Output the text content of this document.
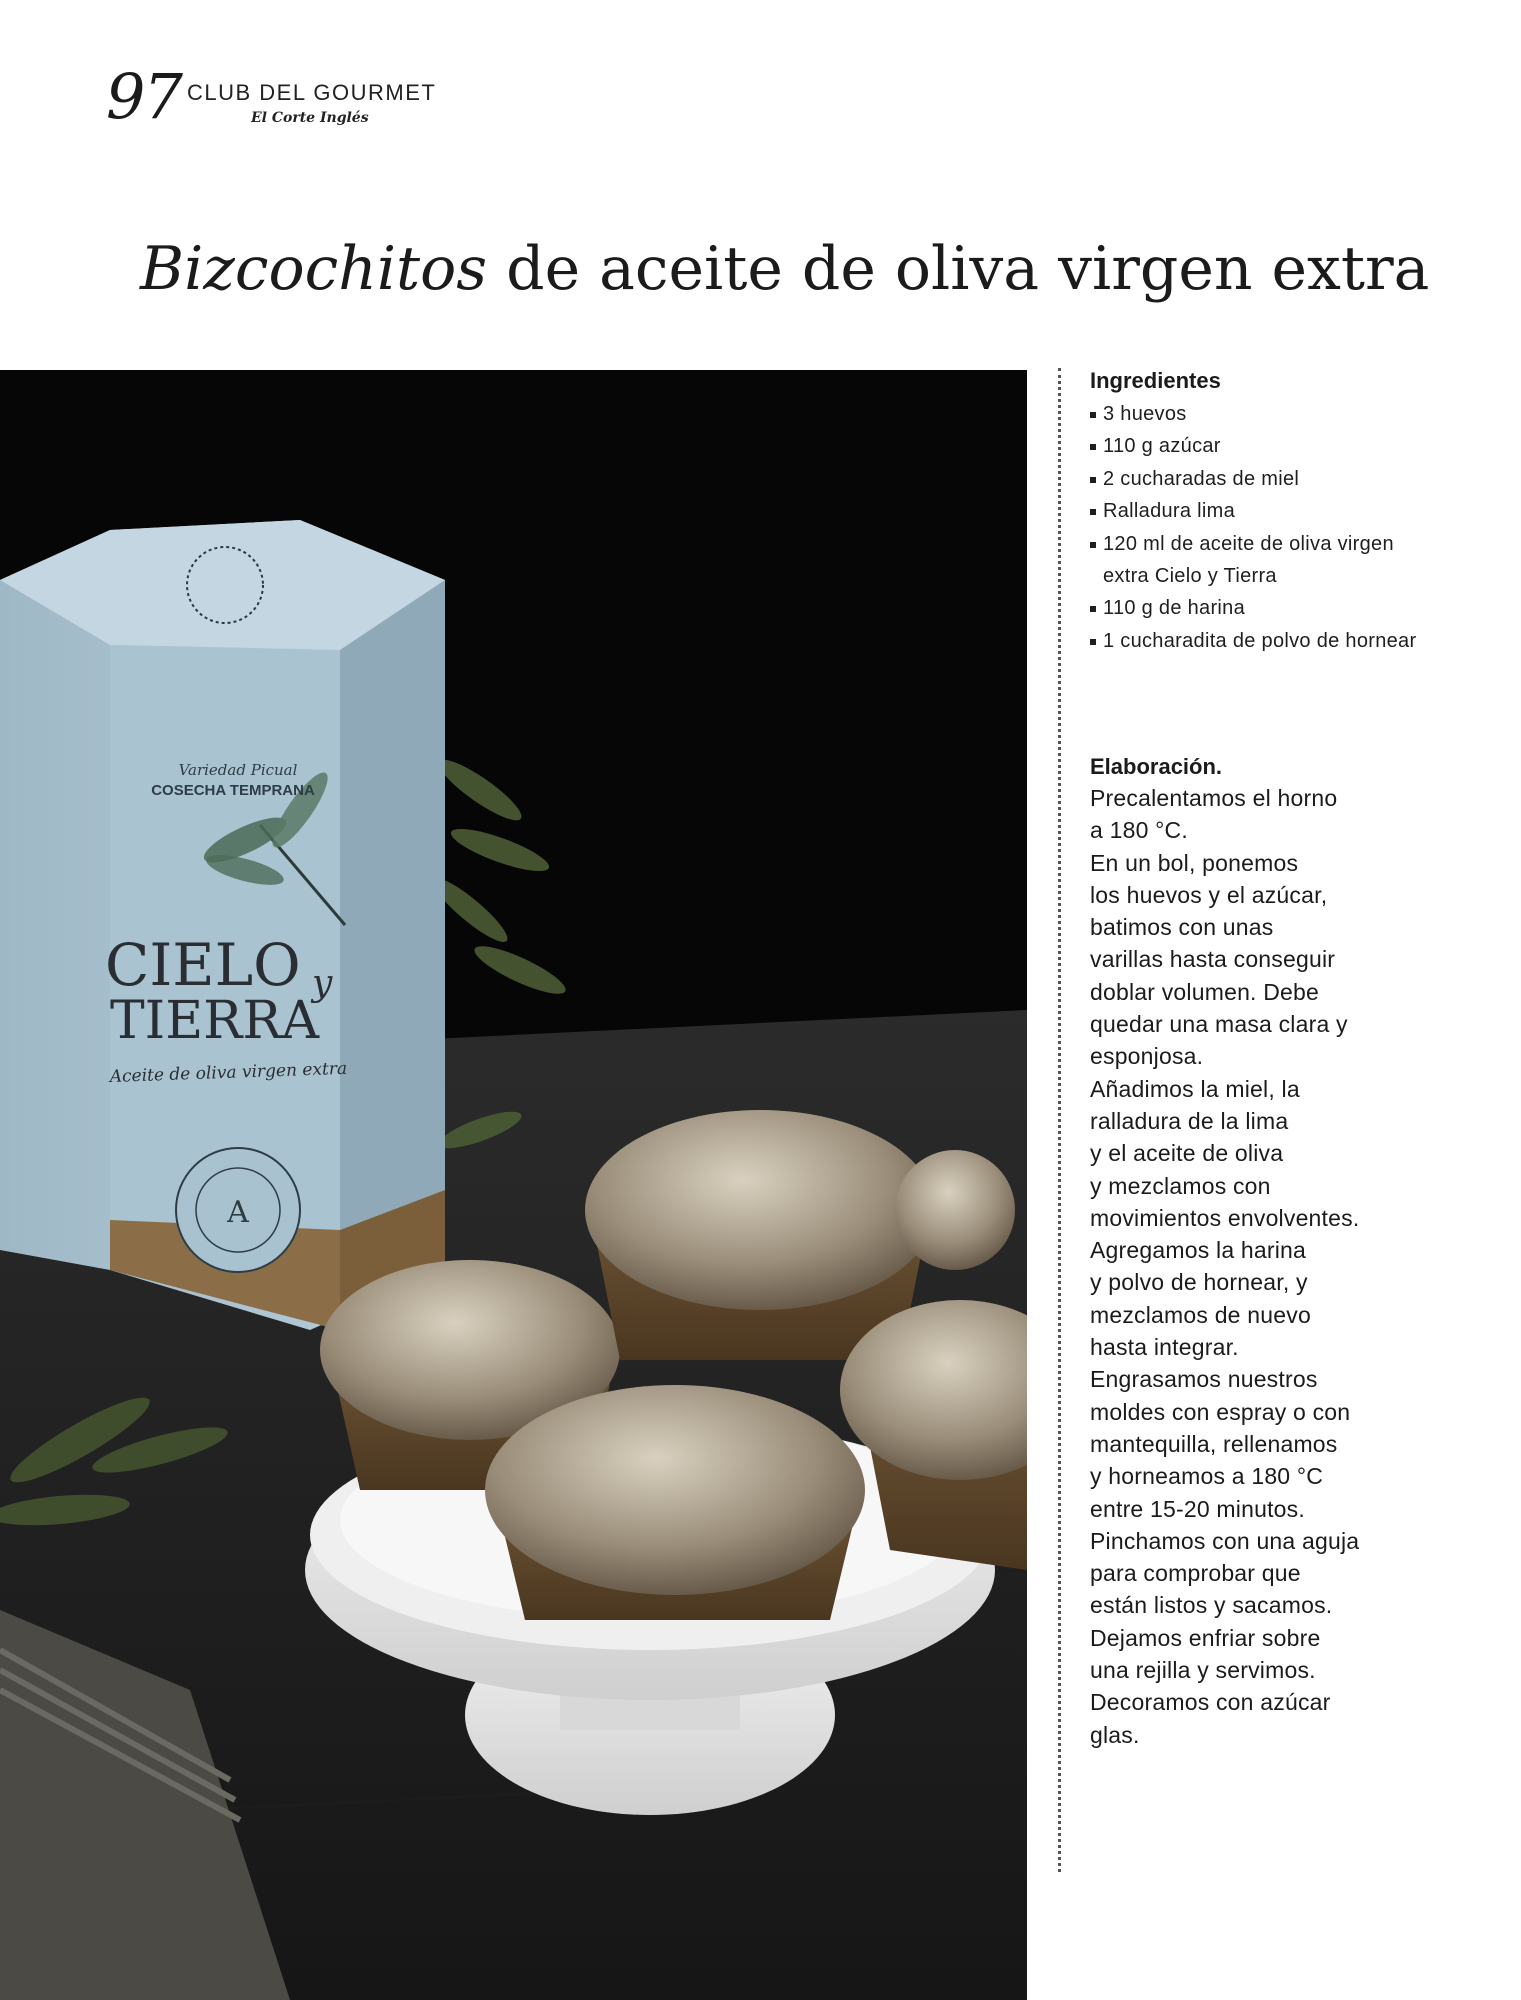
97 CLUB DEL GOURMET
El Corte Inglés
Bizcochitos de aceite de oliva virgen extra
A
Variedad Picual
COSECHA TEMPRANA
CIELO y
TIERRA
Aceite de oliva virgen extra
Ingredientes
3 huevos
110 g azúcar
2 cucharadas de miel
Ralladura lima
120 ml de aceite de oliva virgen extra Cielo y Tierra
110 g de harina
1 cucharadita de polvo de hornear
Elaboración.

Precalentamos el horno
a 180 °C.
En un bol, ponemos
los huevos y el azúcar,
batimos con unas
varillas hasta conseguir
doblar volumen. Debe
quedar una masa clara y
esponjosa.
Añadimos la miel, la
ralladura de la lima
y el aceite de oliva
y mezclamos con
movimientos envolventes.
Agregamos la harina
y polvo de hornear, y
mezclamos de nuevo
hasta integrar.
Engrasamos nuestros
moldes con espray o con
mantequilla, rellenamos
y horneamos a 180 °C
entre 15-20 minutos.
Pinchamos con una aguja
para comprobar que
están listos y sacamos.
Dejamos enfriar sobre
una rejilla y servimos.
Decoramos con azúcar
glas.
